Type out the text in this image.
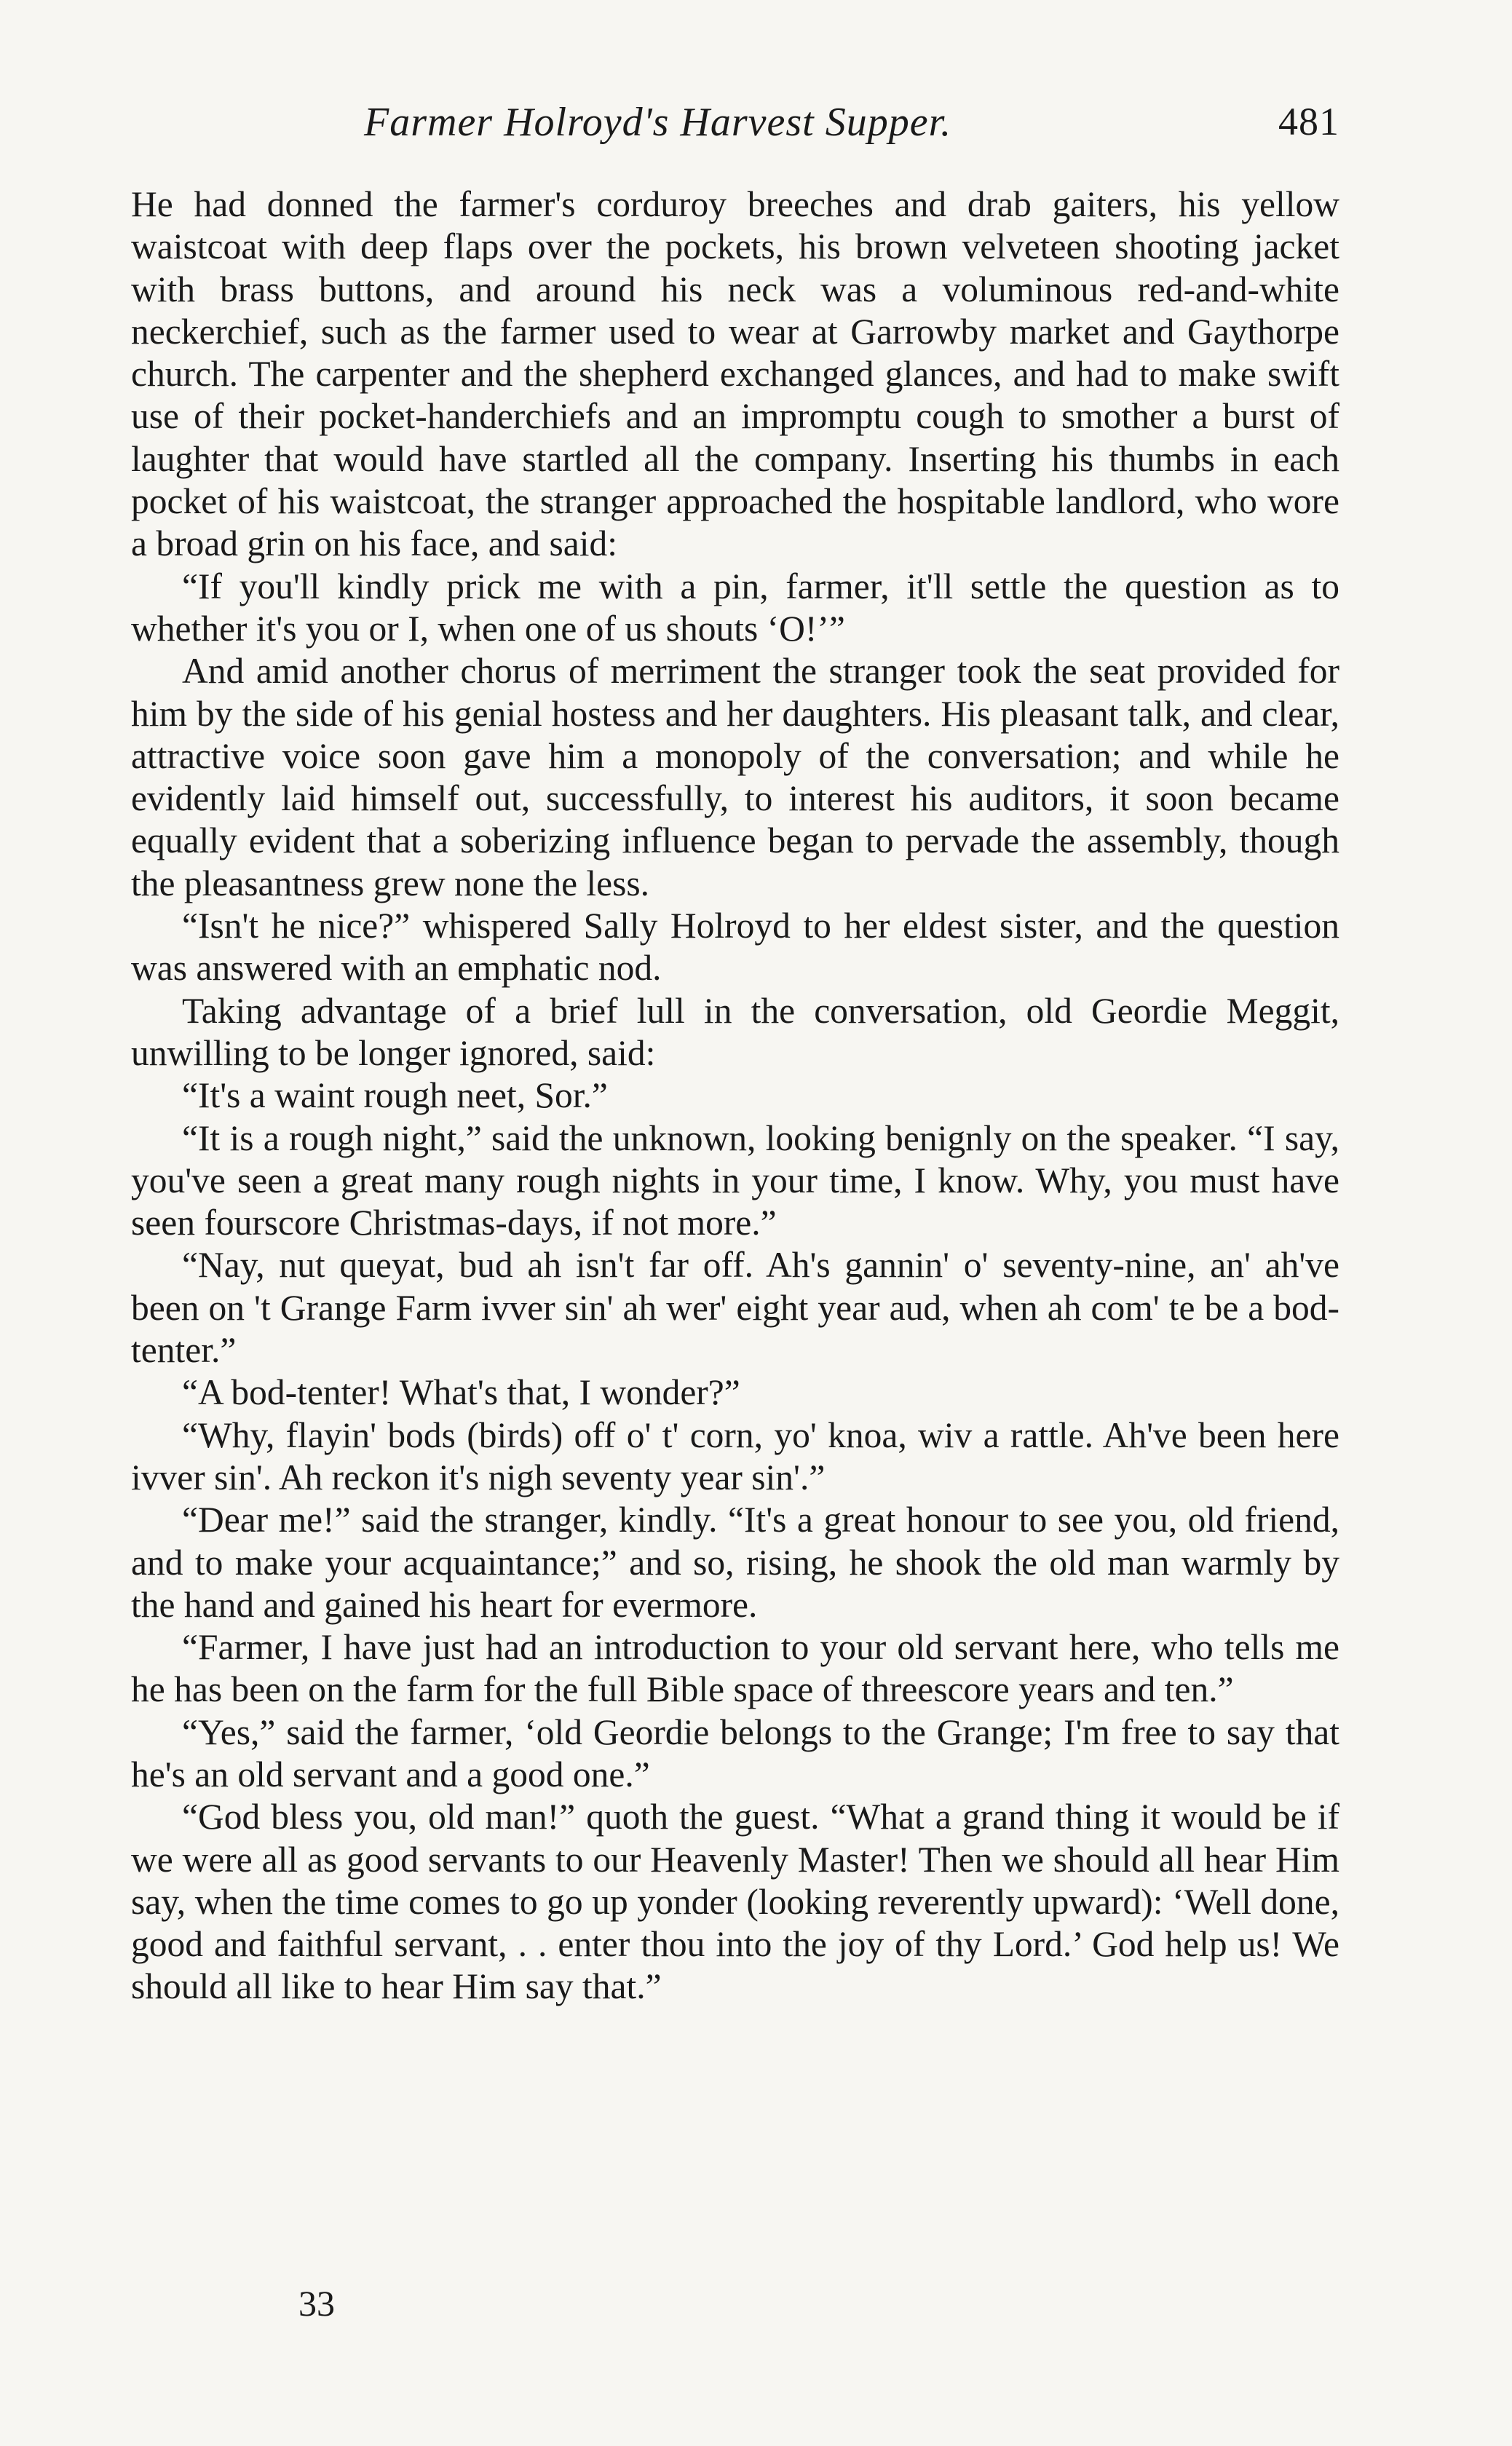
Farmer Holroyd's Harvest Supper.	481

He had donned the farmer's corduroy breeches and drab gaiters, his yellow waistcoat with deep flaps over the pockets, his brown velveteen shooting jacket with brass buttons, and around his neck was a voluminous red-and-white neckerchief, such as the farmer used to wear at Garrowby market and Gaythorpe church. The carpenter and the shepherd exchanged glances, and had to make swift use of their pocket-handerchiefs and an impromptu cough to smother a burst of laughter that would have startled all the company. Inserting his thumbs in each pocket of his waistcoat, the stranger approached the hospitable landlord, who wore a broad grin on his face, and said:

“If you'll kindly prick me with a pin, farmer, it'll settle the question as to whether it's you or I, when one of us shouts ‘O!’”

And amid another chorus of merriment the stranger took the seat provided for him by the side of his genial hostess and her daughters. His pleasant talk, and clear, attractive voice soon gave him a monopoly of the conversation; and while he evidently laid himself out, successfully, to interest his auditors, it soon became equally evident that a soberizing influence began to pervade the assembly, though the pleasantness grew none the less.

“Isn't he nice?” whispered Sally Holroyd to her eldest sister, and the question was answered with an emphatic nod.

Taking advantage of a brief lull in the conversation, old Geordie Meggit, unwilling to be longer ignored, said:

“It's a waint rough neet, Sor.”

“It is a rough night,” said the unknown, looking benignly on the speaker. “I say, you've seen a great many rough nights in your time, I know. Why, you must have seen fourscore Christmas-days, if not more.”

“Nay, nut queyat, bud ah isn't far off. Ah's gannin' o' seventy-nine, an' ah've been on 't Grange Farm ivver sin' ah wer' eight year aud, when ah com' te be a bod-tenter.”

“A bod-tenter! What's that, I wonder?”

“Why, flayin' bods (birds) off o' t' corn, yo' knoa, wiv a rattle. Ah've been here ivver sin'. Ah reckon it's nigh seventy year sin'.”

“Dear me!” said the stranger, kindly. “It's a great honour to see you, old friend, and to make your acquaintance;” and so, rising, he shook the old man warmly by the hand and gained his heart for evermore.

“Farmer, I have just had an introduction to your old servant here, who tells me he has been on the farm for the full Bible space of threescore years and ten.”

“Yes,” said the farmer, ‘old Geordie belongs to the Grange; I'm free to say that he's an old servant and a good one.”

“God bless you, old man!” quoth the guest. “What a grand thing it would be if we were all as good servants to our Heavenly Master! Then we should all hear Him say, when the time comes to go up yonder (looking reverently upward): ‘Well done, good and faithful servant, . . enter thou into the joy of thy Lord.’ God help us! We should all like to hear Him say that.”

33
